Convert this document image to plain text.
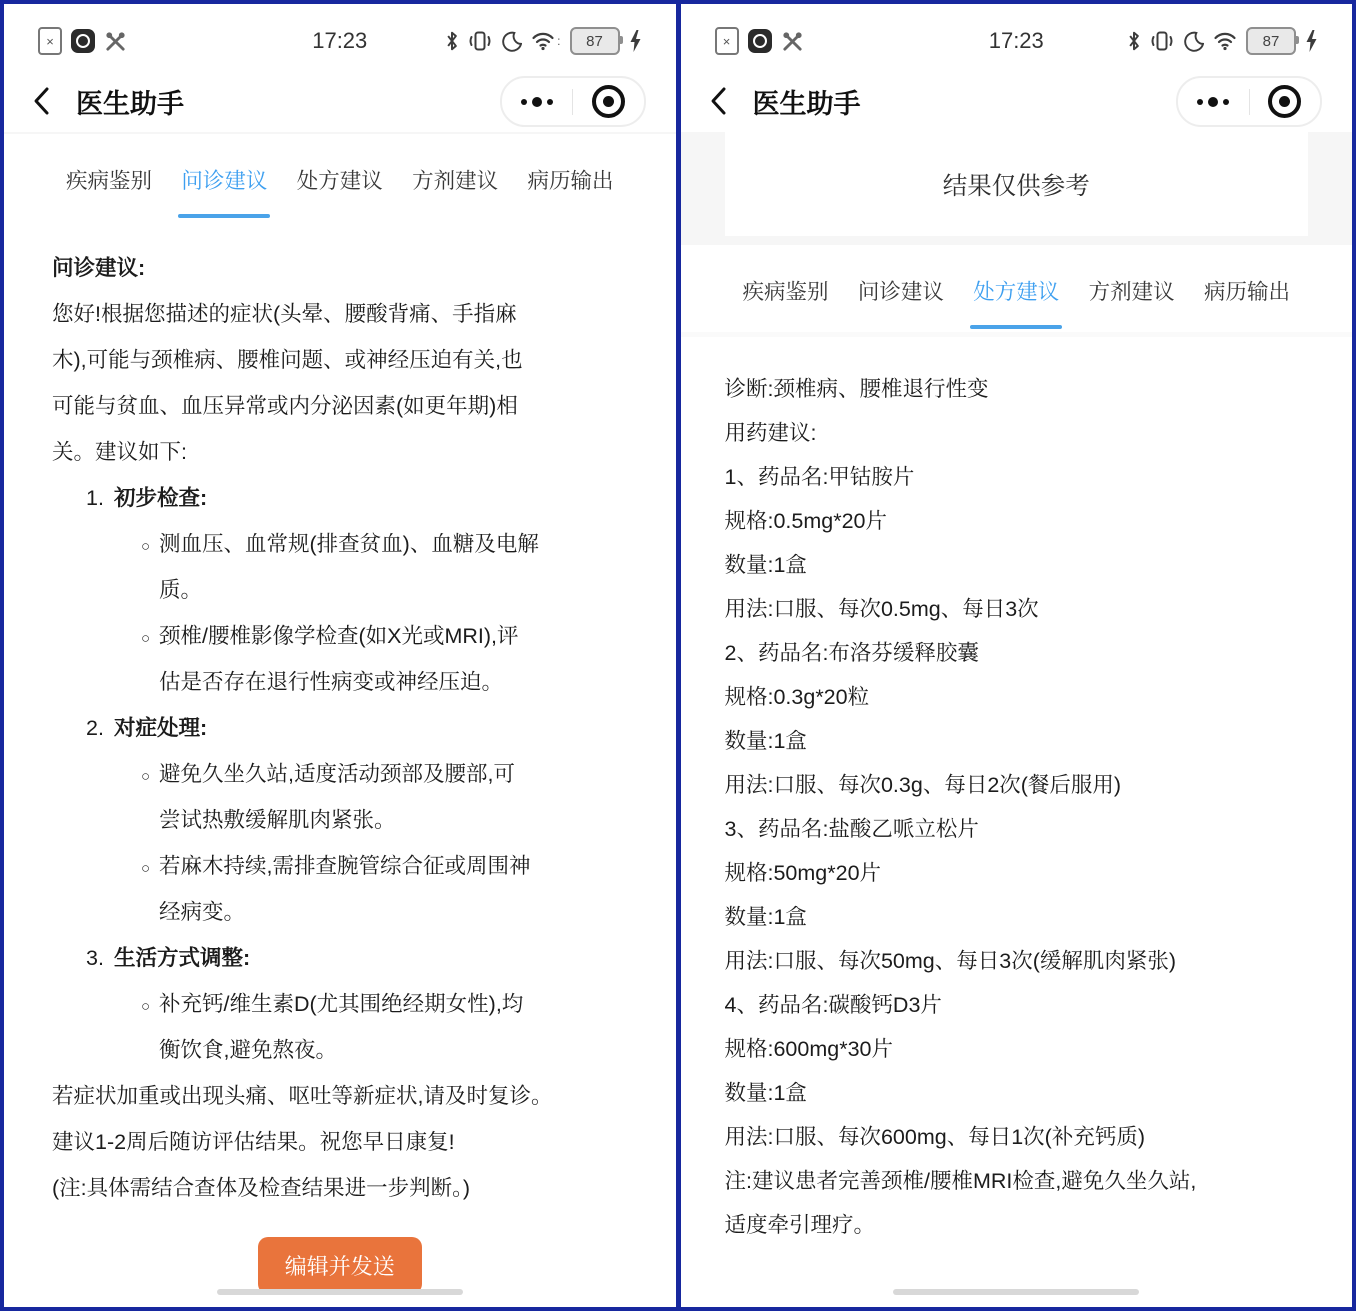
×	17:23	: 87
医生助手
疾病鉴别 问诊建议 处方建议 方剂建议 病历输出
问诊建议:
您好!根据您描述的症状(头晕、腰酸背痛、手指麻
木),可能与颈椎病、腰椎问题、或神经压迫有关,也
可能与贫血、血压异常或内分泌因素(如更年期)相
关。建议如下:
1. 初步检查:
○ 测血压、血常规(排查贫血)、血糖及电解
质。
○ 颈椎/腰椎影像学检查(如X光或MRI),评
估是否存在退行性病变或神经压迫。
2. 对症处理:
○ 避免久坐久站,适度活动颈部及腰部,可
尝试热敷缓解肌肉紧张。
○ 若麻木持续,需排查腕管综合征或周围神
经病变。
3. 生活方式调整:
○ 补充钙/维生素D(尤其围绝经期女性),均
衡饮食,避免熬夜。
若症状加重或出现头痛、呕吐等新症状,请及时复诊。
建议1-2周后随访评估结果。祝您早日康复!
(注:具体需结合查体及检查结果进一步判断。)
编辑并发送
×	17:23	87
医生助手
结果仅供参考
疾病鉴别 问诊建议 处方建议 方剂建议 病历输出
诊断:颈椎病、腰椎退行性变
用药建议:
1、药品名:甲钴胺片
规格:0.5mg*20片
数量:1盒
用法:口服、每次0.5mg、每日3次
2、药品名:布洛芬缓释胶囊
规格:0.3g*20粒
数量:1盒
用法:口服、每次0.3g、每日2次(餐后服用)
3、药品名:盐酸乙哌立松片
规格:50mg*20片
数量:1盒
用法:口服、每次50mg、每日3次(缓解肌肉紧张)
4、药品名:碳酸钙D3片
规格:600mg*30片
数量:1盒
用法:口服、每次600mg、每日1次(补充钙质)
注:建议患者完善颈椎/腰椎MRI检查,避免久坐久站,
适度牵引理疗。
